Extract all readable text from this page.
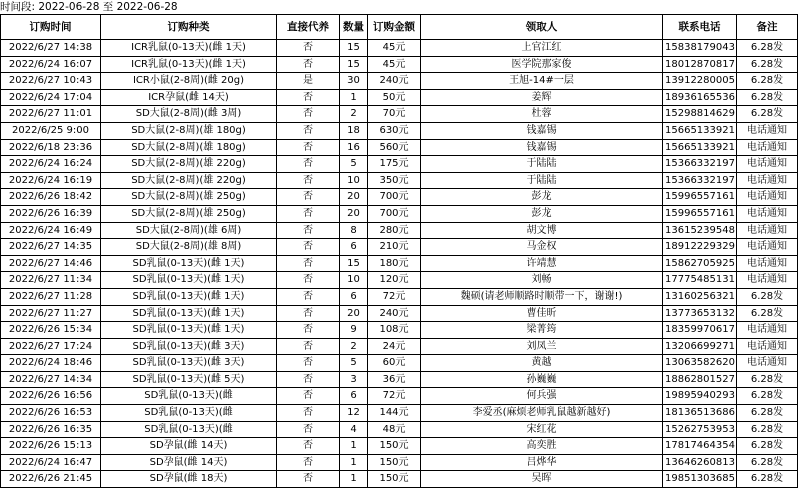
时间段: 2022-06-28 至 2022-06-28
订购时间	订购种类	直接代养	数量	订购金额	领取人	联系电话	备注
2022/6/27 14:38	ICR乳鼠(0-13天)(雌 1天)	否	15	45元	上官江红	15838179043	6.28发
2022/6/24 16:07	ICR乳鼠(0-13天)(雌 1天)	否	15	45元	医学院那家俊	18012870817	6.28发
2022/6/27 10:43	ICR小鼠(2-8周)(雌 20g)	是	30	240元	王旭-14#一层	13912280005	6.28发
2022/6/24 17:04	ICR孕鼠(雌 14天)	否	1	50元	姜辉	18936165536	6.28发
2022/6/27 11:01	SD大鼠(2-8周)(雌 3周)	否	2	70元	杜蓉	15298814629	6.28发
2022/6/25 9:00	SD大鼠(2-8周)(雄 180g)	否	18	630元	钱嘉锡	15665133921	电话通知
2022/6/18 23:36	SD大鼠(2-8周)(雄 180g)	否	16	560元	钱嘉锡	15665133921	电话通知
2022/6/24 16:24	SD大鼠(2-8周)(雄 220g)	否	5	175元	于陆陆	15366332197	电话通知
2022/6/24 16:19	SD大鼠(2-8周)(雄 220g)	否	10	350元	于陆陆	15366332197	电话通知
2022/6/26 18:42	SD大鼠(2-8周)(雄 250g)	否	20	700元	彭龙	15996557161	电话通知
2022/6/26 16:39	SD大鼠(2-8周)(雄 250g)	否	20	700元	彭龙	15996557161	电话通知
2022/6/24 16:49	SD大鼠(2-8周)(雄 6周)	否	8	280元	胡文博	13615239548	电话通知
2022/6/27 14:35	SD大鼠(2-8周)(雄 8周)	否	6	210元	马金权	18912229329	电话通知
2022/6/27 14:46	SD乳鼠(0-13天)(雌 1天)	否	15	180元	许靖慧	15862705925	电话通知
2022/6/27 11:34	SD乳鼠(0-13天)(雌 1天)	否	10	120元	刘畅	17775485131	电话通知
2022/6/27 11:28	SD乳鼠(0-13天)(雌 1天)	否	6	72元	魏硕(请老师顺路时顺带一下，谢谢!)	13160256321	6.28发
2022/6/27 11:27	SD乳鼠(0-13天)(雌 1天)	否	20	240元	曹佳昕	13773653132	6.28发
2022/6/26 15:34	SD乳鼠(0-13天)(雌 1天)	否	9	108元	梁菁筠	18359970617	电话通知
2022/6/27 17:24	SD乳鼠(0-13天)(雌 3天)	否	2	24元	刘凤兰	13206699271	电话通知
2022/6/24 18:46	SD乳鼠(0-13天)(雌 3天)	否	5	60元	黄越	13063582620	电话通知
2022/6/27 14:34	SD乳鼠(0-13天)(雌 5天)	否	3	36元	孙巍巍	18862801527	6.28发
2022/6/26 16:56	SD乳鼠(0-13天)(雌	否	6	72元	何兵强	19895940293	6.28发
2022/6/26 16:53	SD乳鼠(0-13天)(雌	否	12	144元	李爱丞(麻烦老师乳鼠越新越好)	18136513686	6.28发
2022/6/26 16:35	SD乳鼠(0-13天)(雌	否	4	48元	宋红花	15262753953	6.28发
2022/6/26 15:13	SD孕鼠(雌 14天)	否	1	150元	高奕胜	17817464354	6.28发
2022/6/24 16:47	SD孕鼠(雌 14天)	否	1	150元	吕烨华	13646260813	6.28发
2022/6/26 21:45	SD孕鼠(雌 18天)	否	1	150元	吴晖	19851303685	6.28发
